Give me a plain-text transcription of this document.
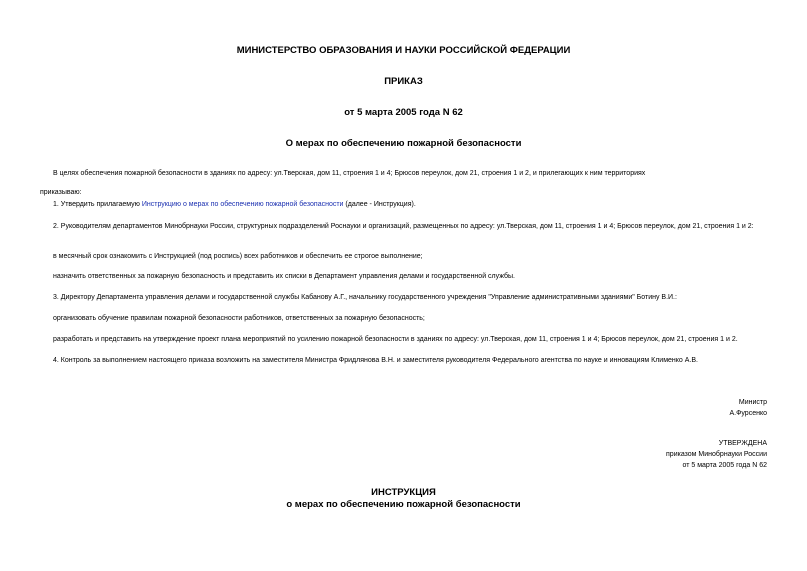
МИНИСТЕРСТВО ОБРАЗОВАНИЯ И НАУКИ РОССИЙСКОЙ ФЕДЕРАЦИИ
ПРИКАЗ
от 5 марта 2005 года N 62
О мерах по обеспечению пожарной безопасности
В целях обеспечения пожарной безопасности в зданиях по адресу: ул.Тверская, дом 11, строения 1 и 4; Брюсов переулок, дом 21, строения 1 и 2, и прилегающих к ним территориях
приказываю:
1. Утвердить прилагаемую Инструкцию о мерах по обеспечению пожарной безопасности (далее - Инструкция).
2. Руководителям департаментов Минобрнауки России, структурных подразделений Роснауки и организаций, размещенных по адресу: ул.Тверская, дом 11, строения 1 и 4; Брюсов переулок, дом 21, строения 1 и 2:
в месячный срок ознакомить с Инструкцией (под роспись) всех работников и обеспечить ее строгое выполнение;
назначить ответственных за пожарную безопасность и представить их списки в Департамент управления делами и государственной службы.
3. Директору Департамента управления делами и государственной службы Кабанову А.Г., начальнику государственного учреждения "Управление административными зданиями" Ботину В.И.:
организовать обучение правилам пожарной безопасности работников, ответственных за пожарную безопасность;
разработать и представить на утверждение проект плана мероприятий по усилению пожарной безопасности в зданиях по адресу: ул.Тверская, дом 11, строения 1 и 4; Брюсов переулок, дом 21, строения 1 и 2.
4. Контроль за выполнением настоящего приказа возложить на заместителя Министра Фридлянова В.Н. и заместителя руководителя Федерального агентства по науке и инновациям Клименко А.В.
Министр
А.Фурсенко
УТВЕРЖДЕНА
приказом Минобрнауки России
от 5 марта 2005 года N 62
ИНСТРУКЦИЯ
о мерах по обеспечению пожарной безопасности
